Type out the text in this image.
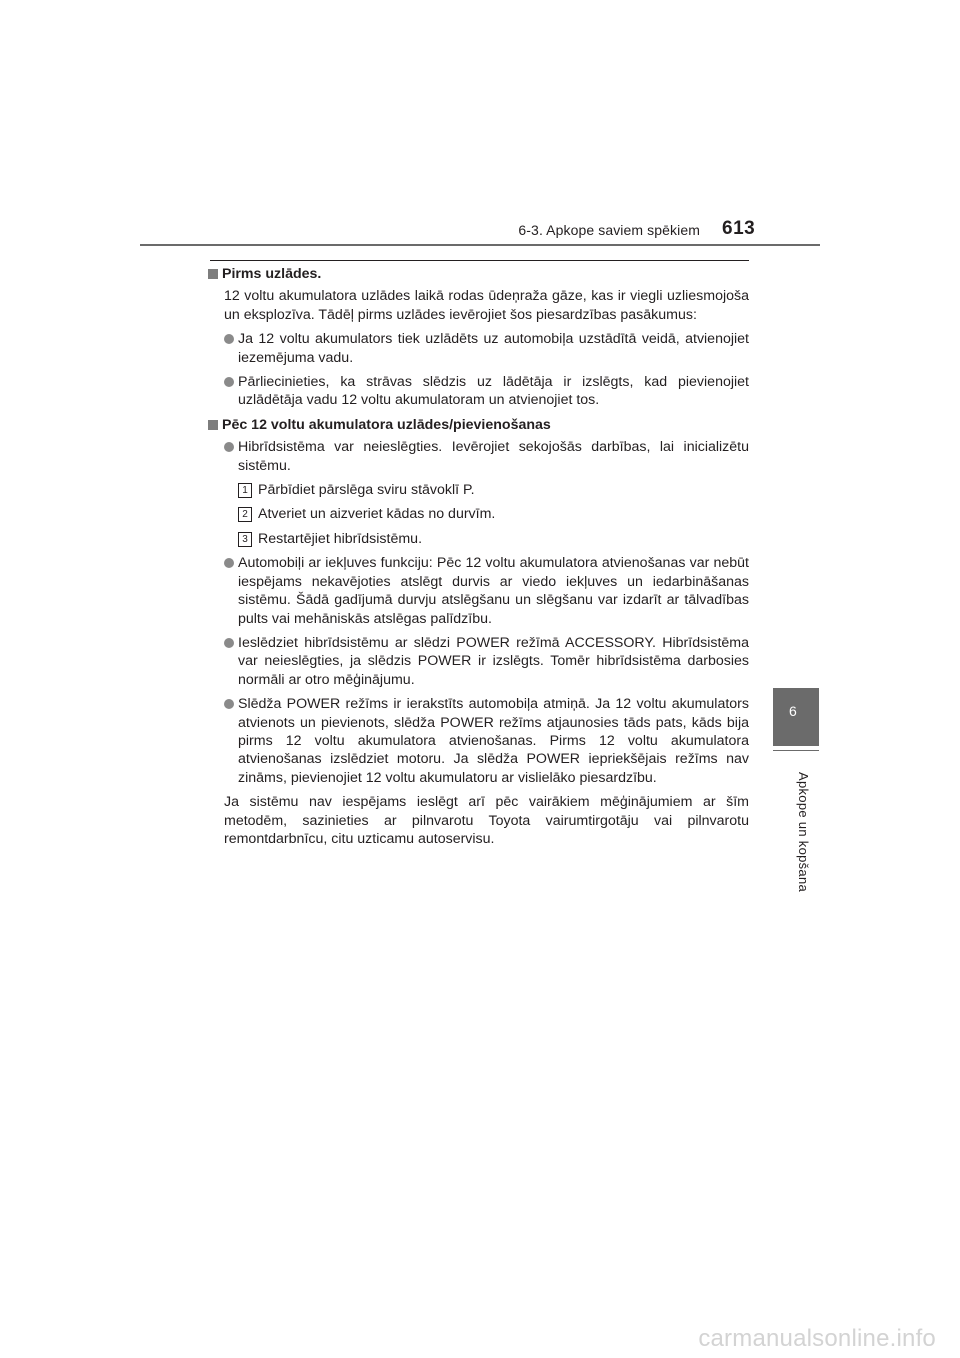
6-3. Apkope saviem spēkiem 613
6
Apkope un kopšana
Pirms uzlādes.

12 voltu akumulatora uzlādes laikā rodas ūdeņraža gāze, kas ir viegli uzliesmojoša un eksplozīva. Tādēļ pirms uzlādes ievērojiet šos piesardzības pasākumus:

Ja 12 voltu akumulators tiek uzlādēts uz automobiļa uzstādītā veidā, atvienojiet iezemējuma vadu.
Pārliecinieties, ka strāvas slēdzis uz lādētāja ir izslēgts, kad pievienojiet uzlādētāja vadu 12 voltu akumulatoram un atvienojiet tos.
Pēc 12 voltu akumulatora uzlādes/pievienošanas
Hibrīdsistēma var neieslēgties. Ievērojiet sekojošās darbības, lai inicializētu sistēmu.
1 Pārbīdiet pārslēga sviru stāvoklī P.
2 Atveriet un aizveriet kādas no durvīm.
3 Restartējiet hibrīdsistēmu.
Automobiļi ar iekļuves funkciju: Pēc 12 voltu akumulatora atvienošanas var nebūt iespējams nekavējoties atslēgt durvis ar viedo iekļuves un iedarbināšanas sistēmu. Šādā gadījumā durvju atslēgšanu un slēgšanu var izdarīt ar tālvadības pults vai mehāniskās atslēgas palīdzību.
Ieslēdziet hibrīdsistēmu ar slēdzi POWER režīmā ACCESSORY. Hibrīdsistēma var neieslēgties, ja slēdzis POWER ir izslēgts. Tomēr hibrīdsistēma darbosies normāli ar otro mēģinājumu.
Slēdža POWER režīms ir ierakstīts automobiļa atmiņā. Ja 12 voltu akumulators atvienots un pievienots, slēdža POWER režīms atjaunosies tāds pats, kāds bija pirms 12 voltu akumulatora atvienošanas. Pirms 12 voltu akumulatora atvienošanas izslēdziet motoru. Ja slēdža POWER iepriekšējais režīms nav zināms, pievienojiet 12 voltu akumulatoru ar vislielāko piesardzību.

Ja sistēmu nav iespējams ieslēgt arī pēc vairākiem mēģinājumiem ar šīm metodēm, sazinieties ar pilnvarotu Toyota vairumtirgotāju vai pilnvarotu remontdarbnīcu, citu uzticamu autoservisu.

carmanualsonline.info
